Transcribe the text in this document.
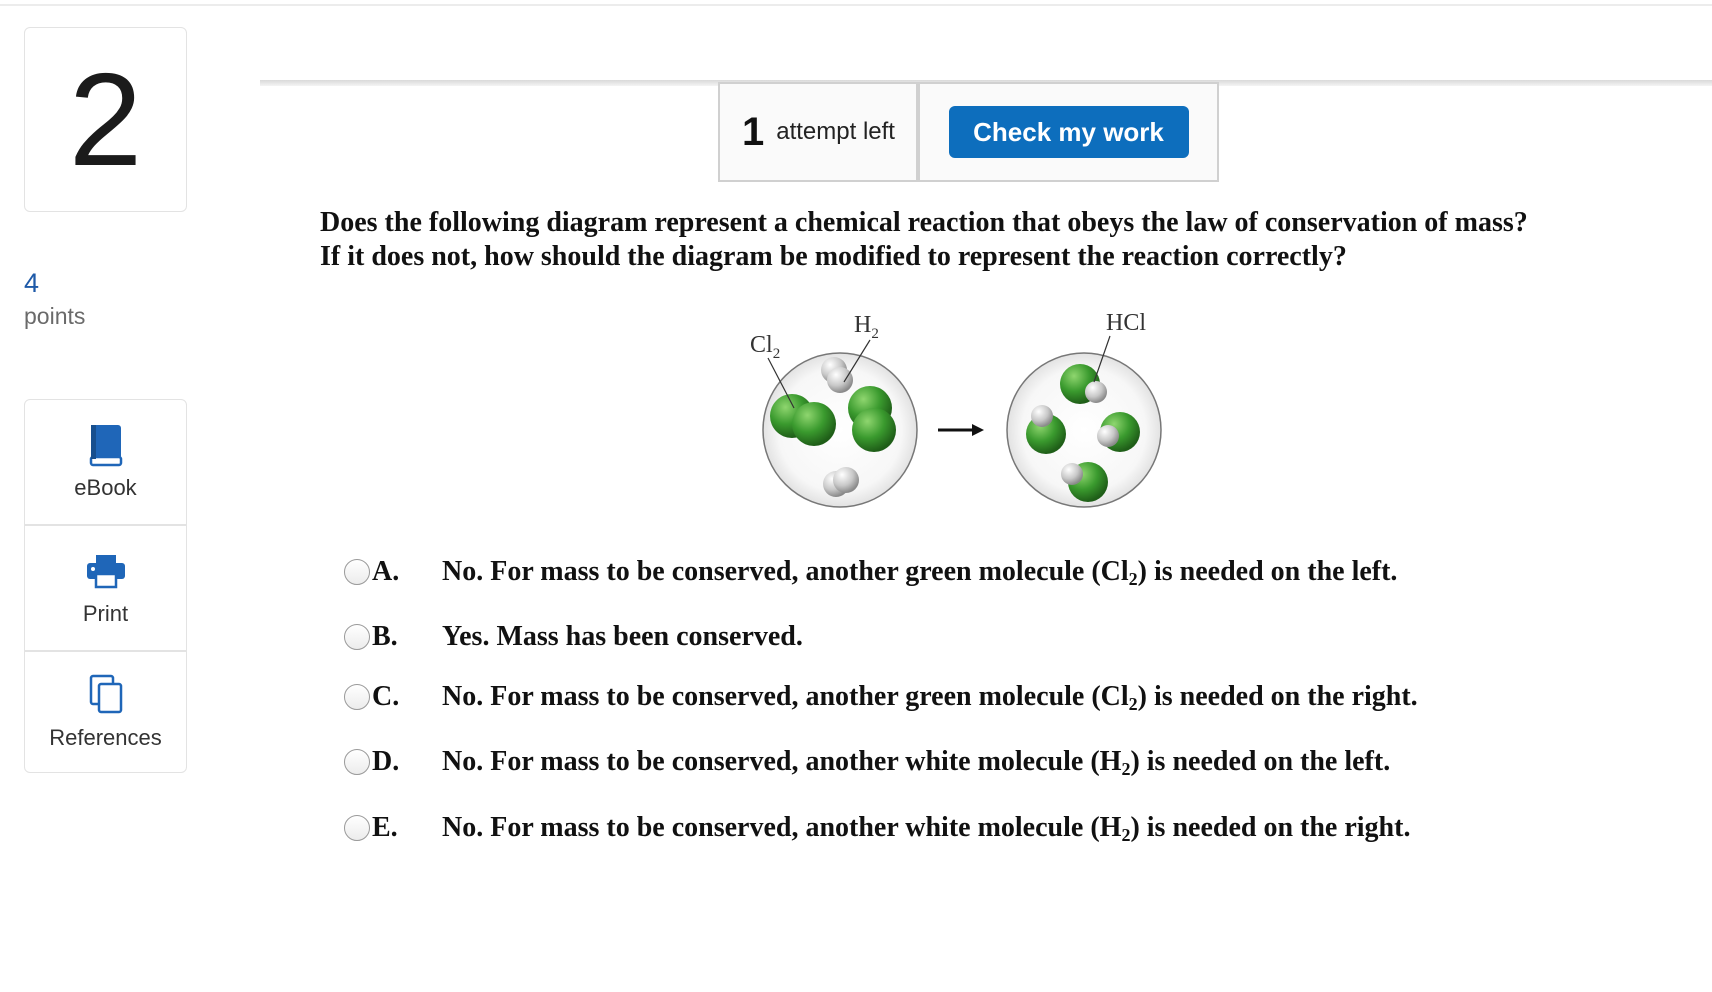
2
4
points
eBook
Print
References
1 attempt left	Check my work
Does the following diagram represent a chemical reaction that obeys the law of conservation of mass?
If it does not, how should the diagram be modified to represent the reaction correctly?
$Cl_2$
$H_2$	HCl
A.	No. For mass to be conserved, another green molecule $(Cl_2)$ is needed on the left.
B.	Yes. Mass has been conserved.
C.	No. For mass to be conserved, another green molecule $(Cl_2)$ is needed on the right.
D.	No. For mass to be conserved, another white molecule $(H_2)$ is needed on the left.
E.	No. For mass to be conserved, another white molecule $(H_2)$ is needed on the right.
